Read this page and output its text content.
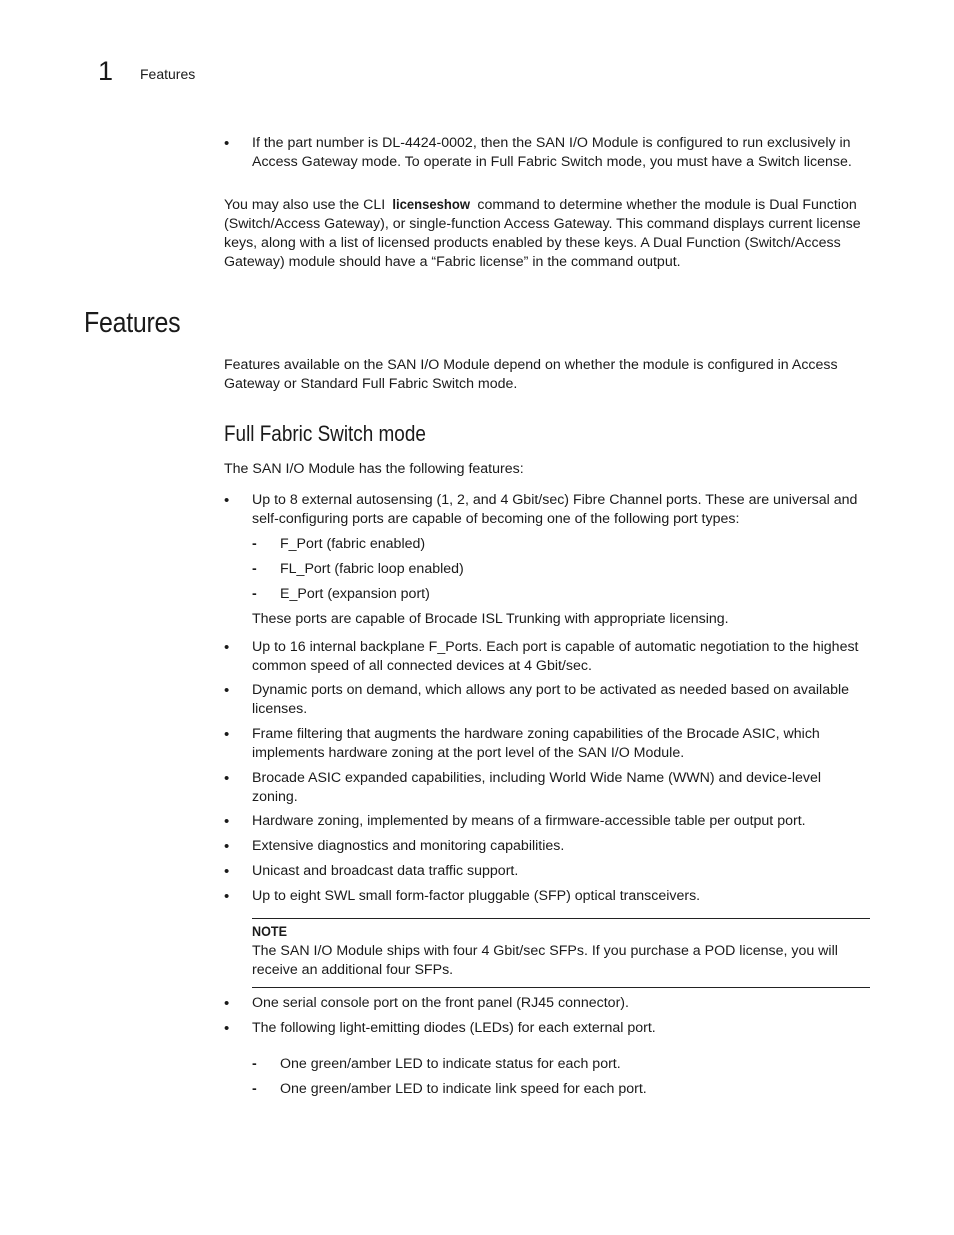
1 Features
•
If the part number is DL-4424-0002, then the SAN I/O Module is configured to run exclusively in Access Gateway mode. To operate in Full Fabric Switch mode, you must have a Switch license.
You may also use the CLI licenseshow command to determine whether the module is Dual Function (Switch/Access Gateway), or single-function Access Gateway. This command displays current license keys, along with a list of licensed products enabled by these keys. A Dual Function (Switch/Access Gateway) module should have a “Fabric license” in the command output.
Features
Features available on the SAN I/O Module depend on whether the module is configured in Access Gateway or Standard Full Fabric Switch mode.
Full Fabric Switch mode
The SAN I/O Module has the following features:
•
Up to 8 external autosensing (1, 2, and 4 Gbit/sec) Fibre Channel ports. These are universal and self-configuring ports are capable of becoming one of the following port types:
- F_Port (fabric enabled)
- FL_Port (fabric loop enabled)
- E_Port (expansion port)
These ports are capable of Brocade ISL Trunking with appropriate licensing.
•
Up to 16 internal backplane F_Ports. Each port is capable of automatic negotiation to the highest common speed of all connected devices at 4 Gbit/sec.
•
Dynamic ports on demand, which allows any port to be activated as needed based on available licenses.
•
Frame filtering that augments the hardware zoning capabilities of the Brocade ASIC, which implements hardware zoning at the port level of the SAN I/O Module.
•
Brocade ASIC expanded capabilities, including World Wide Name (WWN) and device-level zoning.
•
Hardware zoning, implemented by means of a firmware-accessible table per output port.
•
Extensive diagnostics and monitoring capabilities.
•
Unicast and broadcast data traffic support.
•
Up to eight SWL small form-factor pluggable (SFP) optical transceivers.
NOTE
The SAN I/O Module ships with four 4 Gbit/sec SFPs. If you purchase a POD license, you will receive an additional four SFPs.
•
One serial console port on the front panel (RJ45 connector).
•
The following light-emitting diodes (LEDs) for each external port.
- One green/amber LED to indicate status for each port.
- One green/amber LED to indicate link speed for each port.
